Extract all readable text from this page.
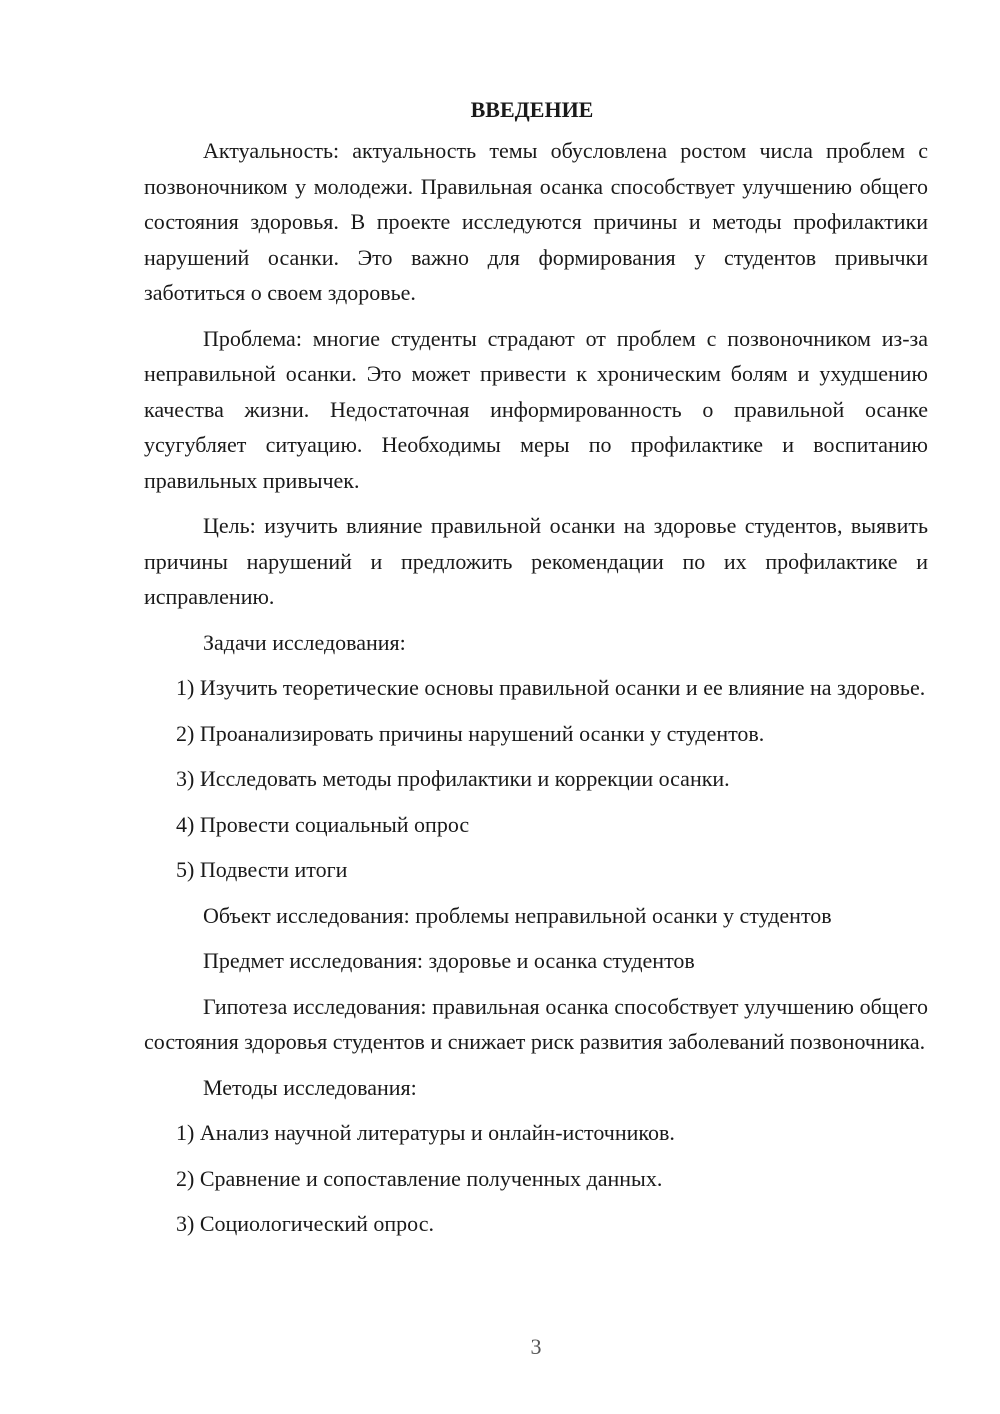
ВВЕДЕНИЕ

Актуальность: актуальность темы обусловлена ростом числа проблем с позвоночником у молодежи. Правильная осанка способствует улучшению общего состояния здоровья. В проекте исследуются причины и методы профилактики нарушений осанки. Это важно для формирования у студентов привычки заботиться о своем здоровье.

Проблема: многие студенты страдают от проблем с позвоночником из-за неправильной осанки. Это может привести к хроническим болям и ухудшению качества жизни. Недостаточная информированность о правильной осанке усугубляет ситуацию. Необходимы меры по профилактике и воспитанию правильных привычек.

Цель: изучить влияние правильной осанки на здоровье студентов, выявить причины нарушений и предложить рекомендации по их профилактике и исправлению.

Задачи исследования:

1) Изучить теоретические основы правильной осанки и ее влияние на здоровье.

2) Проанализировать причины нарушений осанки у студентов.

3) Исследовать методы профилактики и коррекции осанки.

4) Провести социальный опрос

5) Подвести итоги

Объект исследования: проблемы неправильной осанки у студентов

Предмет исследования: здоровье и осанка студентов

Гипотеза исследования: правильная осанка способствует улучшению общего состояния здоровья студентов и снижает риск развития заболеваний позвоночника.

Методы исследования:

1) Анализ научной литературы и онлайн-источников.

2) Сравнение и сопоставление полученных данных.

3) Социологический опрос.

3
